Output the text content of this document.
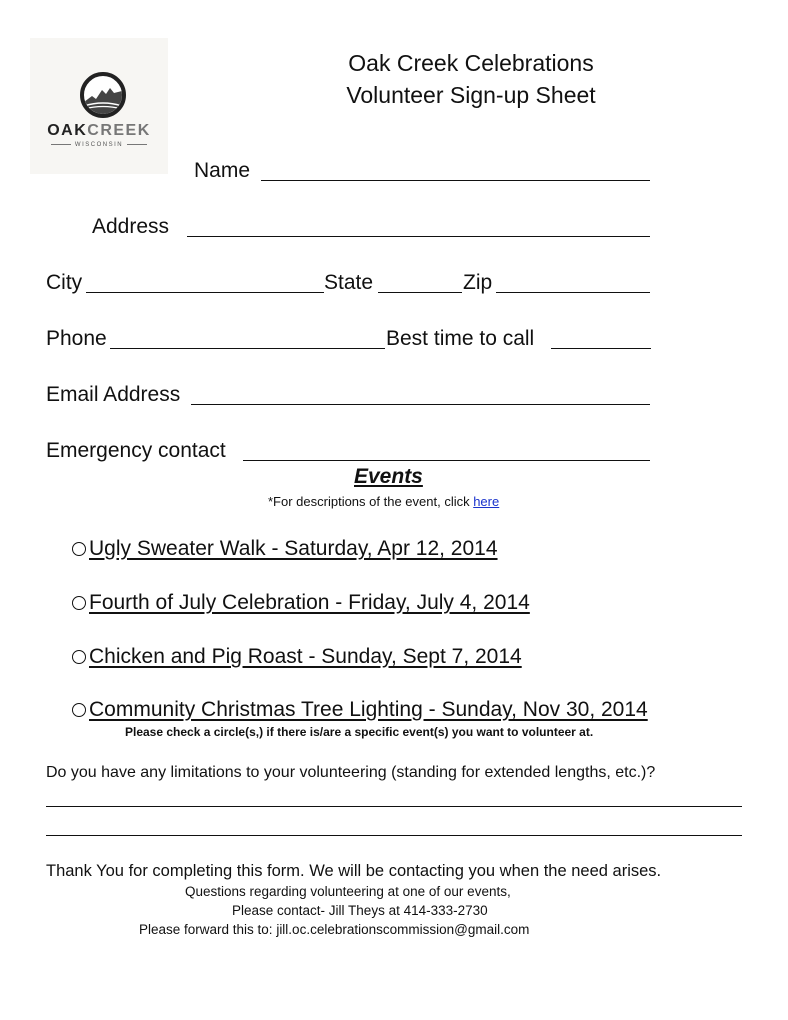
OAKCREEK
WISCONSIN
Oak Creek Celebrations
Volunteer Sign-up Sheet
Name
Address
City	State	Zip
Phone	Best time to call
Email Address
Emergency contact
Events
*For descriptions of the event, click here
Ugly Sweater Walk - Saturday, Apr 12, 2014
Fourth of July Celebration - Friday, July 4, 2014
Chicken and Pig Roast - Sunday, Sept 7, 2014
Community Christmas Tree Lighting - Sunday, Nov 30, 2014
Please check a circle(s,) if there is/are a specific event(s) you want to volunteer at.
Do you have any limitations to your volunteering (standing for extended lengths, etc.)?
Thank You for completing this form. We will be contacting you when the need arises.
Questions regarding volunteering at one of our events,
Please contact- Jill Theys at 414-333-2730
Please forward this to: jill.oc.celebrationscommission@gmail.com
